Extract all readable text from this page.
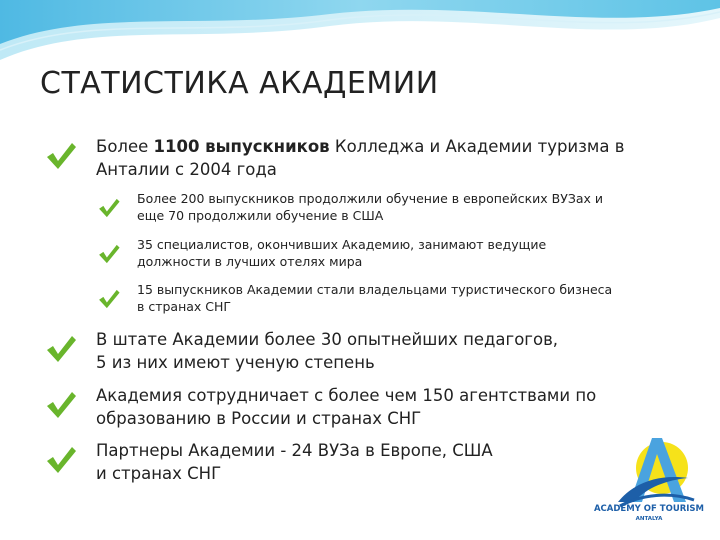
СТАТИСТИКА АКАДЕМИИ
Более 1100 выпускников Колледжа и Академии туризма в
Анталии с 2004 года
Более 200 выпускников продолжили обучение в европейских ВУЗах и
еще 70 продолжили обучение в США
35 специалистов, окончивших Академию, занимают ведущие
должности в лучших отелях мира
15 выпускников Академии стали владельцами туристического бизнеса
в странах СНГ
В штате Академии более 30 опытнейших педагогов,
5 из них имеют ученую степень
Академия сотрудничает с более чем 150 агентствами по
образованию в России и странах СНГ
Партнеры Академии - 24 ВУЗа в Европе, США
и странах СНГ
ACADEMY OF TOURISM
ANTALYA
